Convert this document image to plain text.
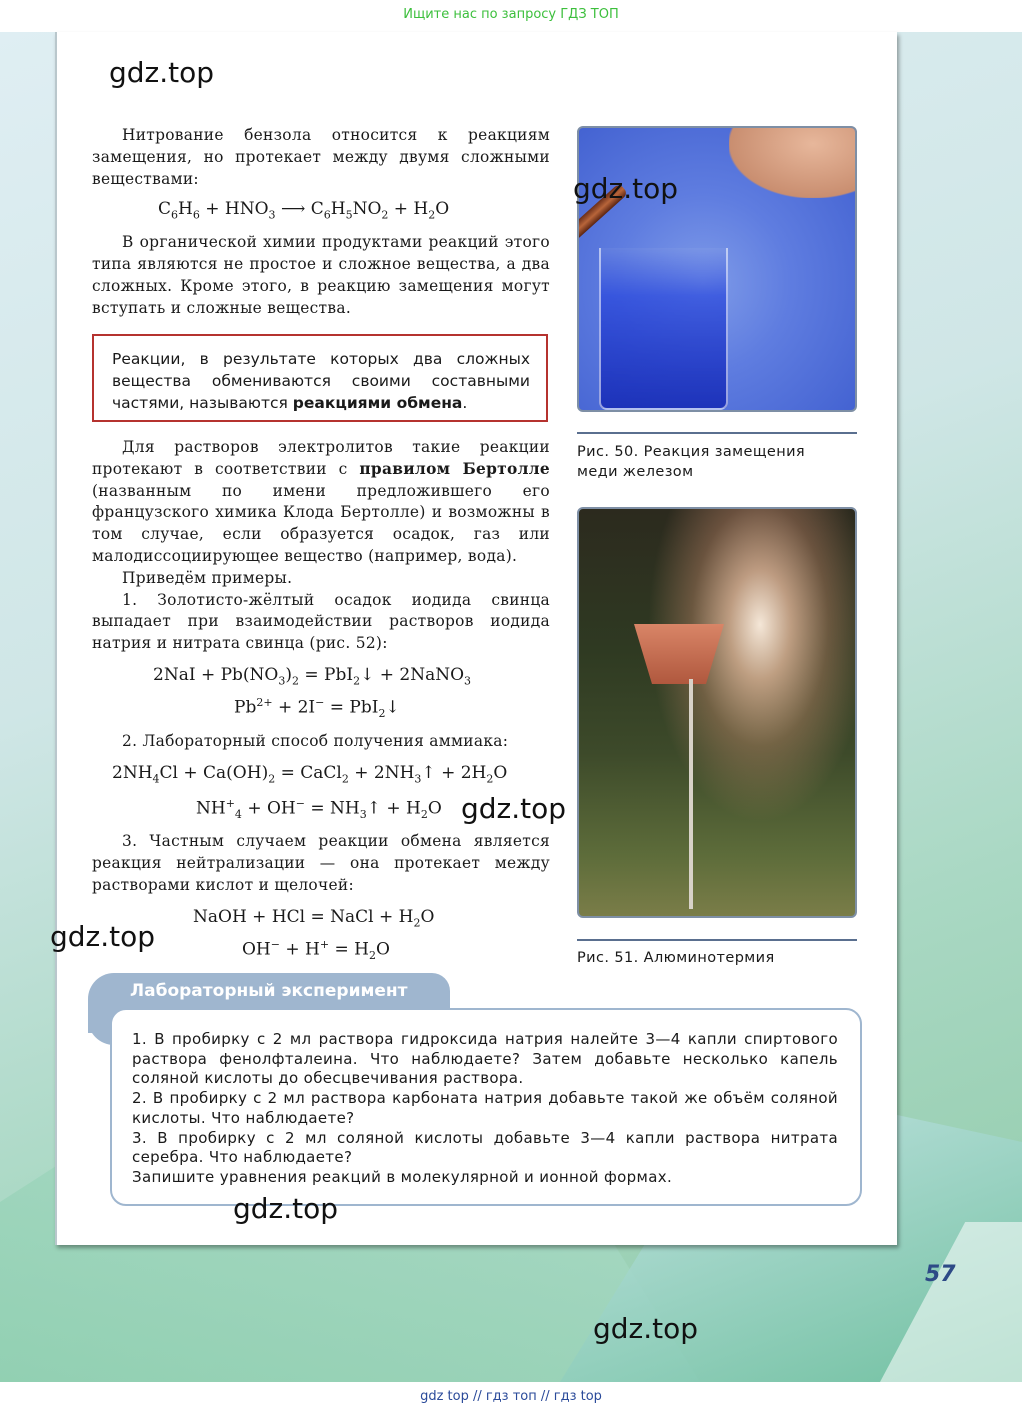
Ищите нас по запросу ГДЗ ТОП

Нитрование бензола относится к реакциям замещения, но протекает между двумя сложными веществами:

$C_6H_6 + HNO_3$ ⟶ $C_6H_5NO_2 + H_2O$

В органической химии продуктами реакций этого типа являются не простое и сложное вещества, а два сложных. Кроме этого, в реакцию замещения могут вступать и сложные вещества.

Реакции, в результате которых два сложных вещества обмениваются своими составными частями, называются реакциями обмена.

Для растворов электролитов такие реакции протекают в соответствии с правилом Бертолле (названным по имени предложившего его французского химика Клода Бертолле) и возможны в том случае, если образуется осадок, газ или малодиссоциирующее вещество (например, вода).

Приведём примеры.

1. Золотисто-жёлтый осадок иодида свинца выпадает при взаимодействии растворов иодида натрия и нитрата свинца (рис. 52):

$2NaI + Pb(NO_3)_2$ = PbI$_2$↓ + 2NaNO$_3$
$Pb^{2+} + 2I^-$ = PbI$_2$↓

2. Лабораторный способ получения аммиака:

$2NH_4Cl + Ca(OH)_2$ = CaCl$_2$ + $2NH_3↑ + 2H_2O$
$NH^+_4 + OH^-$ = $NH_3↑ + H_2O$

3. Частным случаем реакции обмена является реакция нейтрализации — она протекает между растворами кислот и щелочей:

NaOH + HCl = NaCl + $H_2O$
$OH^- + H^+ = H_2O$
Рис. 50. Реакция замещения меди железом
Рис. 51. Алюминотермия

1. В пробирку с 2 мл раствора гидроксида натрия налейте 3—4 капли спиртового раствора фенолфталеина. Что наблюдаете? Затем добавьте несколько капель соляной кислоты до обесцвечивания раствора.

2. В пробирку с 2 мл раствора карбоната натрия добавьте такой же объём соляной кислоты. Что наблюдаете?

3. В пробирку с 2 мл соляной кислоты добавьте 3—4 капли раствора нитрата серебра. Что наблюдаете?

Запишите уравнения реакций в молекулярной и ионной формах.

Лабораторный эксперимент
gdz.top
gdz.top
gdz.top
gdz.top
gdz.top
gdz.top
57
gdz top // гдз топ // гдз top
